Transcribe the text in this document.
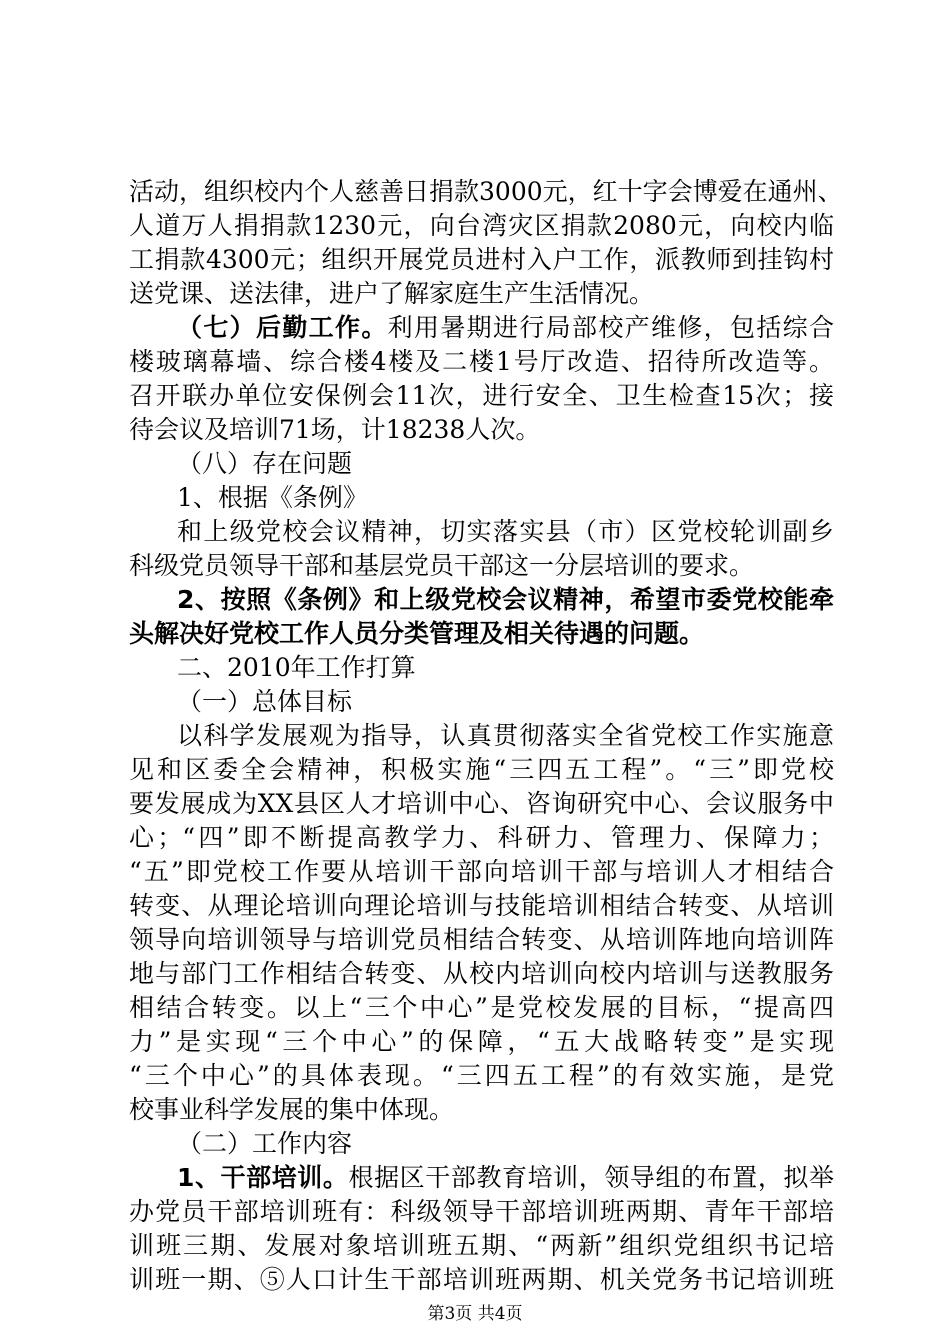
活动，组织校内个人慈善日捐款3000元，红十字会博爱在通州、
人道万人捐捐款1230元，向台湾灾区捐款2080元，向校内临
工捐款4300元；组织开展党员进村入户工作，派教师到挂钩村
送党课、送法律，进户了解家庭生产生活情况。
（七）后勤工作。利用暑期进行局部校产维修，包括综合
楼玻璃幕墙、综合楼4楼及二楼1号厅改造、招待所改造等。
召开联办单位安保例会11次，进行安全、卫生检查15次；接
待会议及培训71场，计18238人次。
（八）存在问题
1、根据《条例》
和上级党校会议精神，切实落实县（市）区党校轮训副乡
科级党员领导干部和基层党员干部这一分层培训的要求。
2、按照《条例》和上级党校会议精神，希望市委党校能牵
头解决好党校工作人员分类管理及相关待遇的问题。
二、2010年工作打算
（一）总体目标
以科学发展观为指导，认真贯彻落实全省党校工作实施意
见和区委全会精神，积极实施“三四五工程”。“三”即党校
要发展成为XX县区人才培训中心、咨询研究中心、会议服务中
心；“四”即不断提高教学力、科研力、管理力、保障力；
“五”即党校工作要从培训干部向培训干部与培训人才相结合
转变、从理论培训向理论培训与技能培训相结合转变、从培训
领导向培训领导与培训党员相结合转变、从培训阵地向培训阵
地与部门工作相结合转变、从校内培训向校内培训与送教服务
相结合转变。以上“三个中心”是党校发展的目标，“提高四
力”是实现“三个中心”的保障，“五大战略转变”是实现
“三个中心”的具体表现。“三四五工程”的有效实施，是党
校事业科学发展的集中体现。
（二）工作内容
1、干部培训。根据区干部教育培训，领导组的布置，拟举
办党员干部培训班有：科级领导干部培训班两期、青年干部培
训班三期、发展对象培训班五期、“两新”组织党组织书记培
训班一期、⑤人口计生干部培训班两期、机关党务书记培训班
第3页 共4页
